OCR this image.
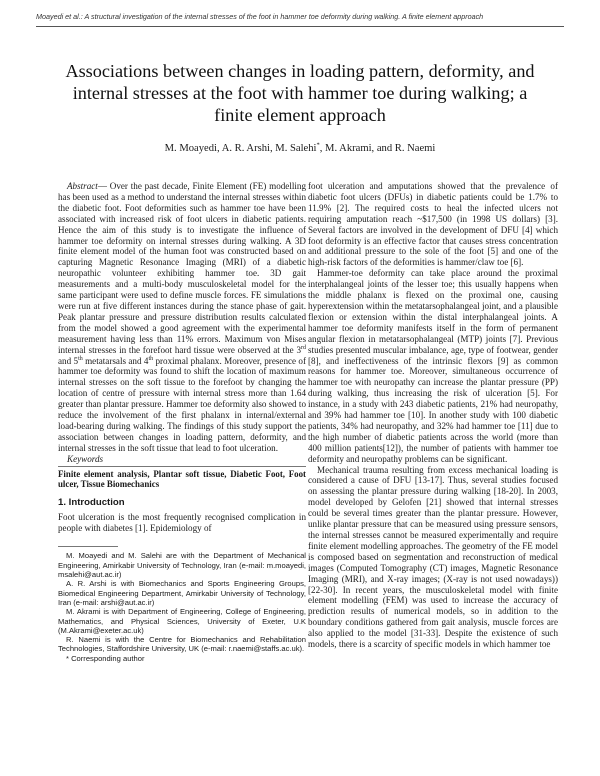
Moayedi et al.: A structural investigation of the internal stresses of the foot in hammer toe deformity during walking. A finite element approach
Associations between changes in loading pattern, deformity, and internal stresses at the foot with hammer toe during walking; a finite element approach
M. Moayedi, A. R. Arshi, M. Salehi*, M. Akrami, and R. Naemi

Abstract— Over the past decade, Finite Element (FE) modelling has been used as a method to understand the internal stresses within the diabetic foot. Foot deformities such as hammer toe have been associated with increased risk of foot ulcers in diabetic patients. Hence the aim of this study is to investigate the influence of hammer toe deformity on internal stresses during walking. A 3D finite element model of the human foot was constructed based on capturing Magnetic Resonance Imaging (MRI) of a diabetic neuropathic volunteer exhibiting hammer toe. 3D gait measurements and a multi-body musculoskeletal model for the same participant were used to define muscle forces. FE simulations were run at five different instances during the stance phase of gait. Peak plantar pressure and pressure distribution results calculated from the model showed a good agreement with the experimental measurement having less than 11% errors. Maximum von Mises internal stresses in the forefoot hard tissue were observed at the 3rd and 5th metatarsals and 4th proximal phalanx. Moreover, presence of hammer toe deformity was found to shift the location of maximum internal stresses on the soft tissue to the forefoot by changing the location of centre of pressure with internal stress more than 1.64 greater than plantar pressure. Hammer toe deformity also showed to reduce the involvement of the first phalanx in internal/external load-bearing during walking. The findings of this study support the association between changes in loading pattern, deformity, and internal stresses in the soft tissue that lead to foot ulceration.

Keywords

Finite element analysis, Plantar soft tissue, Diabetic Foot, Foot ulcer, Tissue Biomechanics

1. Introduction

Foot ulceration is the most frequently recognised complication in people with diabetes [1]. Epidemiology of

M. Moayedi and M. Salehi are with the Department of Mechanical Engineering, Amirkabir University of Technology, Iran (e-mail: m.moayedi, msalehi@aut.ac.ir)

A. R. Arshi is with Biomechanics and Sports Engineering Groups, Biomedical Engineering Department, Amirkabir University of Technology, Iran (e-mail: arshi@aut.ac.ir)

M. Akrami is with Department of Engineering, College of Engineering, Mathematics, and Physical Sciences, University of Exeter, U.K (M.Akrami@exeter.ac.uk)

R. Naemi is with the Centre for Biomechanics and Rehabilitation Technologies, Staffordshire University, UK (e-mail: r.naemi@staffs.ac.uk).

* Corresponding author

foot ulceration and amputations showed that the prevalence of diabetic foot ulcers (DFUs) in diabetic patients could be 1.7% to 11.9% [2]. The required costs to heal the infected ulcers not requiring amputation reach ~$17,500 (in 1998 US dollars) [3]. Several factors are involved in the development of DFU [4] which foot deformity is an effective factor that causes stress concentration and additional pressure to the sole of the foot [5] and one of the high-risk factors of the deformities is hammer/claw toe [6].

Hammer-toe deformity can take place around the proximal interphalangeal joints of the lesser toe; this usually happens when the middle phalanx is flexed on the proximal one, causing hyperextension within the metatarsophalangeal joint, and a plausible flexion or extension within the distal interphalangeal joints. A hammer toe deformity manifests itself in the form of permanent angular flexion in metatarsophalangeal (MTP) joints [7]. Previous studies presented muscular imbalance, age, type of footwear, gender [8], and ineffectiveness of the intrinsic flexors [9] as common reasons for hammer toe. Moreover, simultaneous occurrence of hammer toe with neuropathy can increase the plantar pressure (PP) during walking, thus increasing the risk of ulceration [5]. For instance, in a study with 243 diabetic patients, 21% had neuropathy, and 39% had hammer toe [10]. In another study with 100 diabetic patients, 34% had neuropathy, and 32% had hammer toe [11] due to the high number of diabetic patients across the world (more than 400 million patients[12]), the number of patients with hammer toe deformity and neuropathy problems can be significant.

Mechanical trauma resulting from excess mechanical loading is considered a cause of DFU [13-17]. Thus, several studies focused on assessing the plantar pressure during walking [18-20]. In 2003, model developed by Gelofen [21] showed that internal stresses could be several times greater than the plantar pressure. However, unlike plantar pressure that can be measured using pressure sensors, the internal stresses cannot be measured experimentally and require finite element modelling approaches. The geometry of the FE model is composed based on segmentation and reconstruction of medical images (Computed Tomography (CT) images, Magnetic Resonance Imaging (MRI), and X-ray images; (X-ray is not used nowadays)) [22-30]. In recent years, the musculoskeletal model with finite element modelling (FEM) was used to increase the accuracy of prediction results of numerical models, so in addition to the boundary conditions gathered from gait analysis, muscle forces are also applied to the model [31-33]. Despite the existence of such models, there is a scarcity of specific models in which hammer toe
